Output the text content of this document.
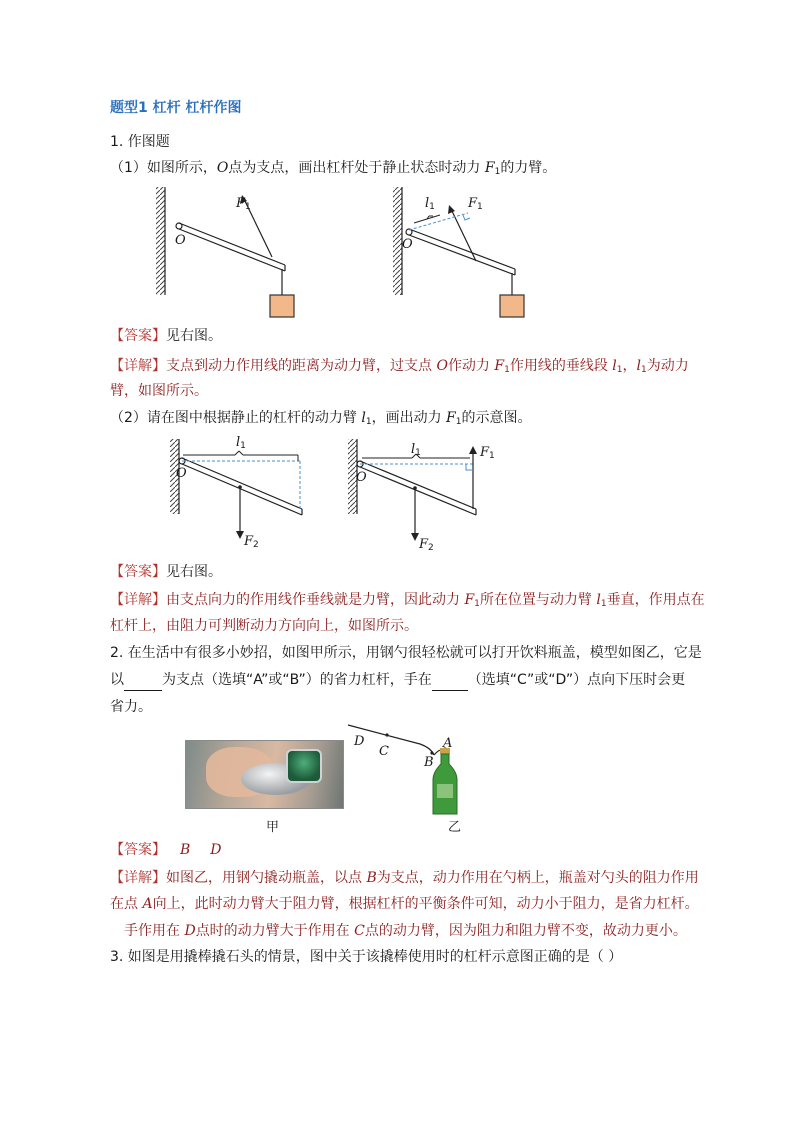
题型1 杠杆 杠杆作图
1. 作图题
（1）如图所示，O点为支点，画出杠杆处于静止状态时动力 $F_1$的力臂。
O
$F_1$
O
$F_1$
$l_1$
【答案】见右图。
【详解】支点到动力作用线的距离为动力臂，过支点 O作动力 $F_1$作用线的垂线段 $l_1$，$l_1$为动力
臂，如图所示。
（2）请在图中根据静止的杠杆的动力臂 $l_1$，画出动力 $F_1$的示意图。
O
$l_1$
$F_2$
O
$l_1$	$F_1$
$F_2$
【答案】见右图。
【详解】由支点向力的作用线作垂线就是力臂，因此动力 $F_1$所在位置与动力臂 $l_1$垂直，作用点在
杠杆上，由阻力可判断动力方向向上，如图所示。
2. 在生活中有很多小妙招，如图甲所示，用钢勺很轻松就可以打开饮料瓶盖，模型如图乙，它是
以	为支点（选填“A”或“B”）的省力杠杆，手在	（选填“C”或“D”）点向下压时会更
省力。
甲
D
C
B
A
乙
【答案】 B D
【详解】如图乙，用钢勺撬动瓶盖，以点 B为支点，动力作用在勺柄上，瓶盖对勺头的阻力作用
在点 A向上，此时动力臂大于阻力臂，根据杠杆的平衡条件可知，动力小于阻力，是省力杠杆。
手作用在 D点时的动力臂大于作用在 C点的动力臂，因为阻力和阻力臂不变，故动力更小。
3. 如图是用撬棒撬石头的情景，图中关于该撬棒使用时的杠杆示意图正确的是（ ）
